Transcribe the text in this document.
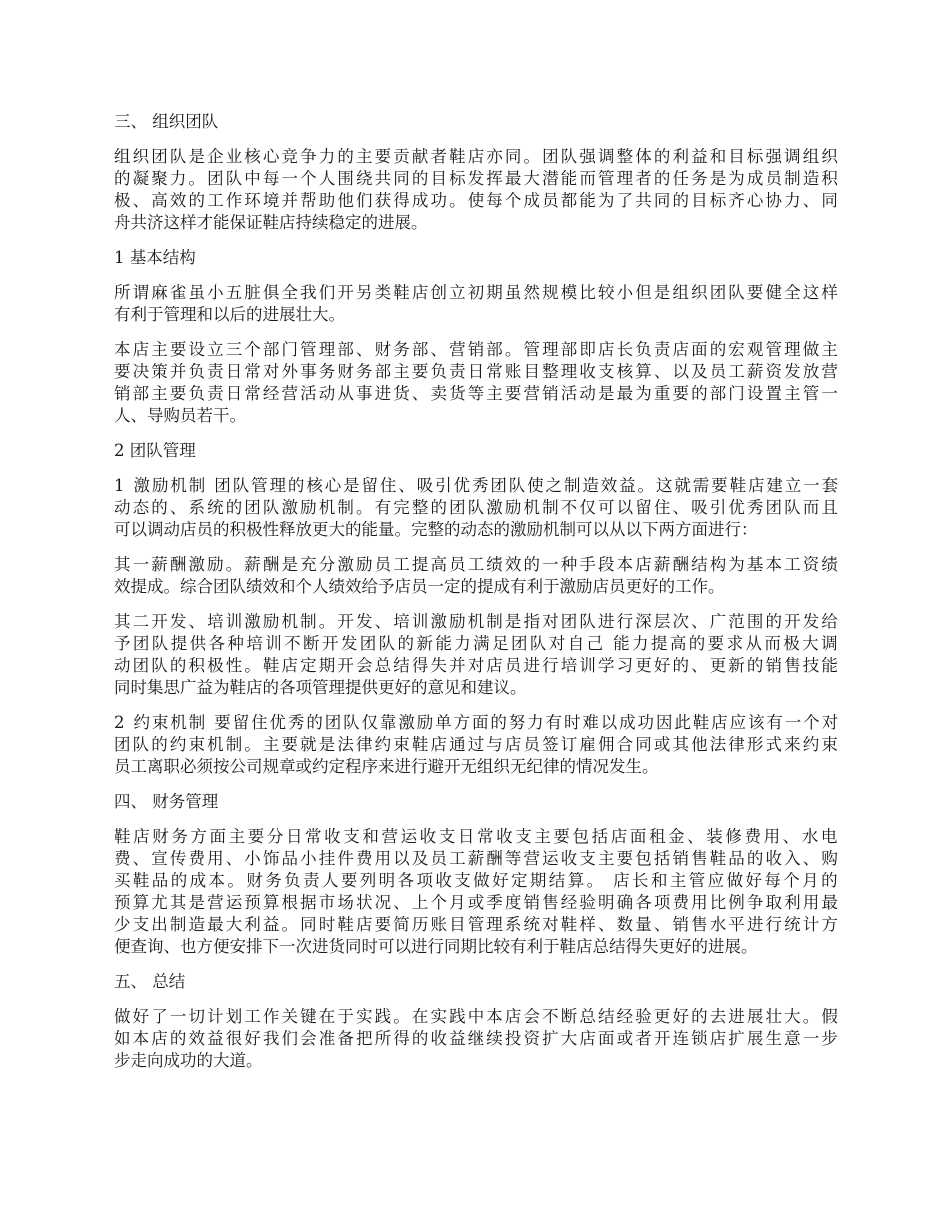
三、 组织团队
组织团队是企业核心竞争力的主要贡献者鞋店亦同。团队强调整体的利益和目标强调组织
的凝聚力。团队中每一个人围绕共同的目标发挥最大潜能而管理者的任务是为成员制造积
极、高效的工作环境并帮助他们获得成功。使每个成员都能为了共同的目标齐心协力、同
舟共济这样才能保证鞋店持续稳定的进展。
1 基本结构
所谓麻雀虽小五脏俱全我们开另类鞋店创立初期虽然规模比较小但是组织团队要健全这样
有利于管理和以后的进展壮大。
本店主要设立三个部门管理部、财务部、营销部。管理部即店长负责店面的宏观管理做主
要决策并负责日常对外事务财务部主要负责日常账目整理收支核算、以及员工薪资发放营
销部主要负责日常经营活动从事进货、卖货等主要营销活动是最为重要的部门设置主管一
人、导购员若干。
2 团队管理
1 激励机制 团队管理的核心是留住、吸引优秀团队使之制造效益。这就需要鞋店建立一套
动态的、系统的团队激励机制。有完整的团队激励机制不仅可以留住、吸引优秀团队而且
可以调动店员的积极性释放更大的能量。完整的动态的激励机制可以从以下两方面进行：
其一薪酬激励。薪酬是充分激励员工提高员工绩效的一种手段本店薪酬结构为基本工资绩
效提成。综合团队绩效和个人绩效给予店员一定的提成有利于激励店员更好的工作。
其二开发、培训激励机制。开发、培训激励机制是指对团队进行深层次、广范围的开发给
予团队提供各种培训不断开发团队的新能力满足团队对自己 能力提高的要求从而极大调
动团队的积极性。鞋店定期开会总结得失并对店员进行培训学习更好的、更新的销售技能
同时集思广益为鞋店的各项管理提供更好的意见和建议。
2 约束机制 要留住优秀的团队仅靠激励单方面的努力有时难以成功因此鞋店应该有一个对
团队的约束机制。主要就是法律约束鞋店通过与店员签订雇佣合同或其他法律形式来约束
员工离职必须按公司规章或约定程序来进行避开无组织无纪律的情况发生。
四、 财务管理
鞋店财务方面主要分日常收支和营运收支日常收支主要包括店面租金、装修费用、水电
费、宣传费用、小饰品小挂件费用以及员工薪酬等营运收支主要包括销售鞋品的收入、购
买鞋品的成本。财务负责人要列明各项收支做好定期结算。 店长和主管应做好每个月的
预算尤其是营运预算根据市场状况、上个月或季度销售经验明确各项费用比例争取利用最
少支出制造最大利益。同时鞋店要简历账目管理系统对鞋样、数量、销售水平进行统计方
便查询、也方便安排下一次进货同时可以进行同期比较有利于鞋店总结得失更好的进展。
五、 总结
做好了一切计划工作关键在于实践。在实践中本店会不断总结经验更好的去进展壮大。假
如本店的效益很好我们会准备把所得的收益继续投资扩大店面或者开连锁店扩展生意一步
步走向成功的大道。
